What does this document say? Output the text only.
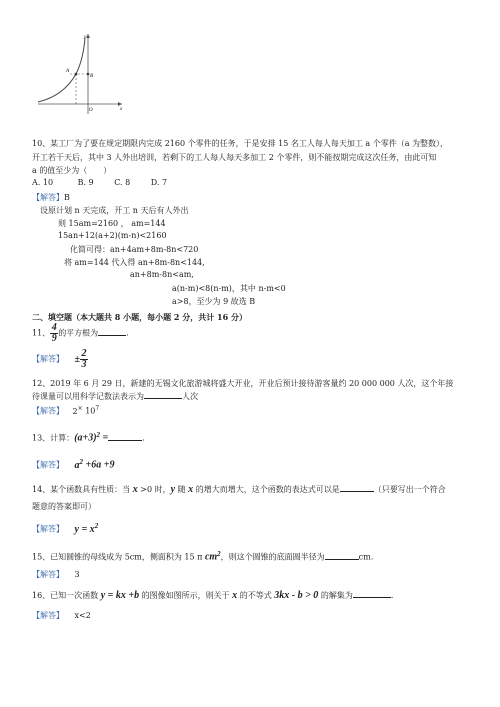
A
B
O
y
x
10、某工厂为了要在规定期限内完成 2160 个零件的任务，于是安排 15 名工人每人每天加工 a 个零件（a 为整数），
开工若干天后，其中 3 人外出培训，若剩下的工人每人每天多加工 2 个零件，则不能按期完成这次任务，由此可知
a 的值至少为（　　）
A. 10	B. 9	C. 8	D. 7
【解答】B
设原计划 n 天完成，开工 n 天后有人外出
则 15am=2160 ， am=144
15an+12(a+2)(m-n)<2160
化简可得：an+4am+8m-8n<720
将 am=144 代入得 an+8m-8n<144,
an+8m-8n<am,
a(n-m)<8(n-m)，其中 n-m<0
a>8，至少为 9 故选 B
二、填空题（本大题共 8 小题，每小题 2 分，共计 16 分）
11、 $\frac{4}{9}$ 的平方根为	.
【解答】 ± $\frac{2}{3}$
12、2019 年 6 月 29 日，新建的无锡文化旅游城将盛大开业，开业后预计接待游客量约 20 000 000 人次，这个年接
待课量可以用科学记数法表示为	人次
【解答】 2× $10^7$
13、计算：$(a+3)^2$ =	.
【解答】 $a^2 +6a +9$
14、某个函数具有性质：当 x >0 时，y 随 x 的增大而增大，这个函数的表达式可以是	（只要写出一个符合
题意的答案即可）
【解答】 $y = x^2$
15、已知圆锥的母线成为 5cm，侧面积为 15 π $cm^2$，则这个圆锥的底面圆半径为	cm.
【解答】 3
16、已知一次函数 y = kx +b 的图像如图所示，则关于 x 的不等式 3kx - b > 0 的解集为	.
【解答】 x<2
